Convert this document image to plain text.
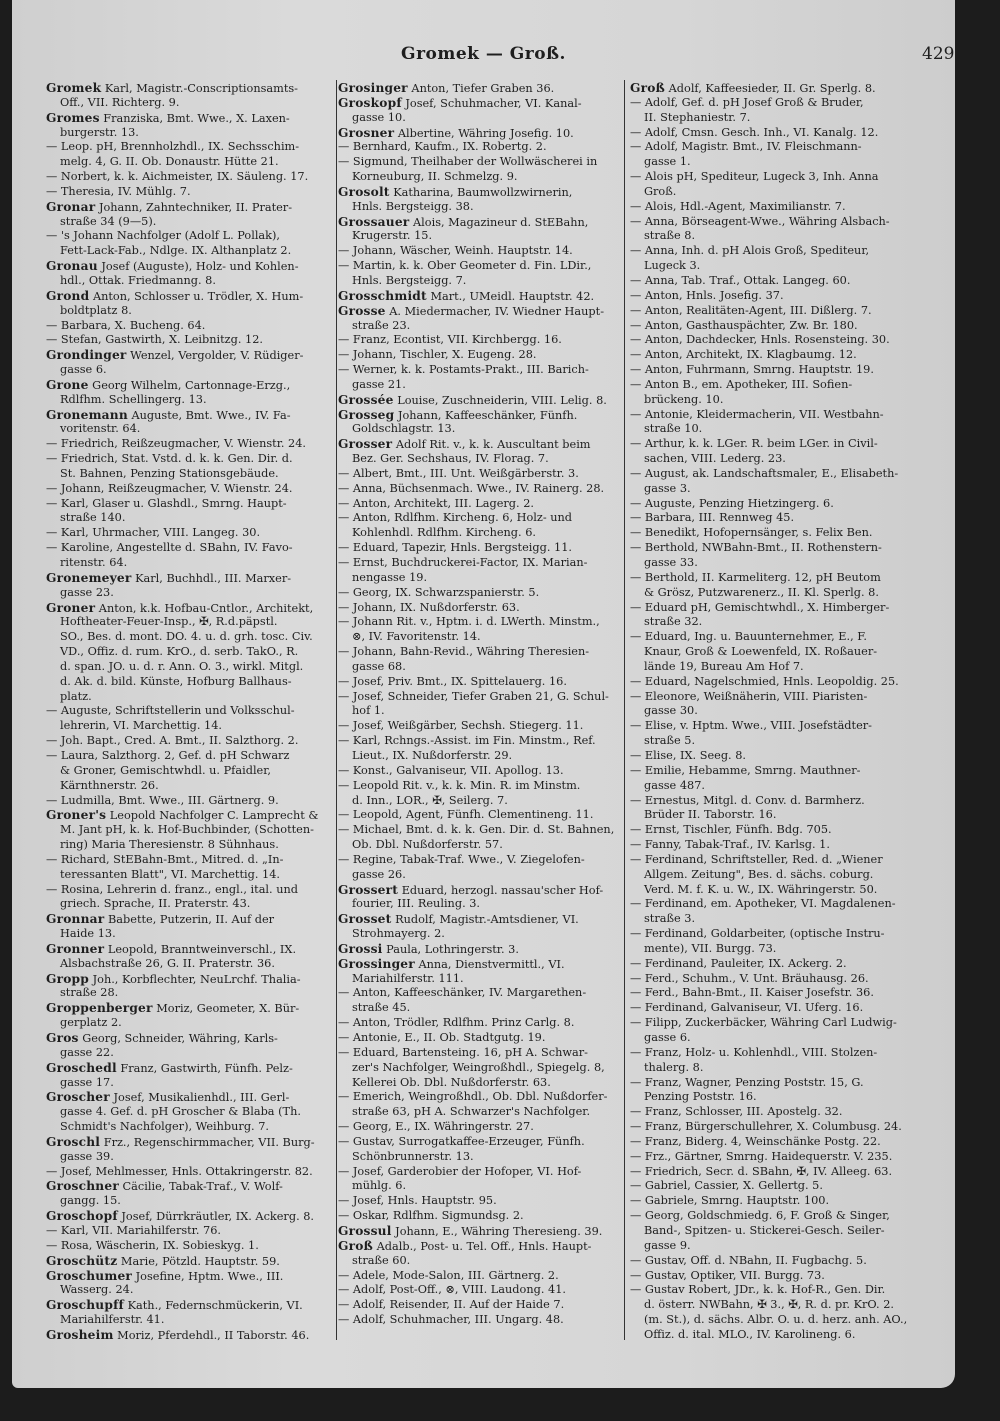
Gromek — Groß.	429
Gromek Karl, Magistr.-Conscriptionsamts-
Off., VII. Richterg. 9.
Gromes Franziska, Bmt. Wwe., X. Laxen-
burgerstr. 13.
— Leop. pH, Brennholzhdl., IX. Sechsschim-
melg. 4, G. II. Ob. Donaustr. Hütte 21.
— Norbert, k. k. Aichmeister, IX. Säuleng. 17.
— Theresia, IV. Mühlg. 7.
Gronar Johann, Zahntechniker, II. Prater-
straße 34 (9—5).
— 's Johann Nachfolger (Adolf L. Pollak),
Fett-Lack-Fab., Ndlge. IX. Althanplatz 2.
Gronau Josef (Auguste), Holz- und Kohlen-
hdl., Ottak. Friedmanng. 8.
Grond Anton, Schlosser u. Trödler, X. Hum-
boldtplatz 8.
— Barbara, X. Bucheng. 64.
— Stefan, Gastwirth, X. Leibnitzg. 12.
Grondinger Wenzel, Vergolder, V. Rüdiger-
gasse 6.
Grone Georg Wilhelm, Cartonnage-Erzg.,
Rdlfhm. Schellingerg. 13.
Gronemann Auguste, Bmt. Wwe., IV. Fa-
voritenstr. 64.
— Friedrich, Reißzeugmacher, V. Wienstr. 24.
— Friedrich, Stat. Vstd. d. k. k. Gen. Dir. d.
St. Bahnen, Penzing Stationsgebäude.
— Johann, Reißzeugmacher, V. Wienstr. 24.
— Karl, Glaser u. Glashdl., Smrng. Haupt-
straße 140.
— Karl, Uhrmacher, VIII. Langeg. 30.
— Karoline, Angestellte d. SBahn, IV. Favo-
ritenstr. 64.
Gronemeyer Karl, Buchhdl., III. Marxer-
gasse 23.
Groner Anton, k.k. Hofbau-Cntlor., Architekt,
Hoftheater-Feuer-Insp., ✠, R.d.päpstl.
SO., Bes. d. mont. DO. 4. u. d. grh. tosc. Civ.
VD., Offiz. d. rum. KrO., d. serb. TakO., R.
d. span. JO. u. d. r. Ann. O. 3., wirkl. Mitgl.
d. Ak. d. bild. Künste, Hofburg Ballhaus-
platz.
— Auguste, Schriftstellerin und Volksschul-
lehrerin, VI. Marchettig. 14.
— Joh. Bapt., Cred. A. Bmt., II. Salzthorg. 2.
— Laura, Salzthorg. 2, Gef. d. pH Schwarz
& Groner, Gemischtwhdl. u. Pfaidler,
Kärnthnerstr. 26.
— Ludmilla, Bmt. Wwe., III. Gärtnerg. 9.
Groner's Leopold Nachfolger C. Lamprecht &
M. Jant pH, k. k. Hof-Buchbinder, (Schotten-
ring) Maria Theresienstr. 8 Sühnhaus.
— Richard, StEBahn-Bmt., Mitred. d. „In-
teressanten Blatt", VI. Marchettig. 14.
— Rosina, Lehrerin d. franz., engl., ital. und
griech. Sprache, II. Praterstr. 43.
Gronnar Babette, Putzerin, II. Auf der
Haide 13.
Gronner Leopold, Branntweinverschl., IX.
Alsbachstraße 26, G. II. Praterstr. 36.
Gropp Joh., Korbflechter, NeuLrchf. Thalia-
straße 28.
Groppenberger Moriz, Geometer, X. Bür-
gerplatz 2.
Gros Georg, Schneider, Währing, Karls-
gasse 22.
Groschedl Franz, Gastwirth, Fünfh. Pelz-
gasse 17.
Groscher Josef, Musikalienhdl., III. Gerl-
gasse 4. Gef. d. pH Groscher & Blaba (Th.
Schmidt's Nachfolger), Weihburg. 7.
Groschl Frz., Regenschirmmacher, VII. Burg-
gasse 39.
— Josef, Mehlmesser, Hnls. Ottakringerstr. 82.
Groschner Cäcilie, Tabak-Traf., V. Wolf-
gangg. 15.
Groschopf Josef, Dürrkräutler, IX. Ackerg. 8.
— Karl, VII. Mariahilferstr. 76.
— Rosa, Wäscherin, IX. Sobieskyg. 1.
Groschütz Marie, Pötzld. Hauptstr. 59.
Groschumer Josefine, Hptm. Wwe., III.
Wasserg. 24.
Groschupff Kath., Federnschmückerin, VI.
Mariahilferstr. 41.
Grosheim Moriz, Pferdehdl., II Taborstr. 46.
Grosinger Anton, Tiefer Graben 36.
Groskopf Josef, Schuhmacher, VI. Kanal-
gasse 10.
Grosner Albertine, Währing Josefig. 10.
— Bernhard, Kaufm., IX. Robertg. 2.
— Sigmund, Theilhaber der Wollwäscherei in
Korneuburg, II. Schmelzg. 9.
Grosolt Katharina, Baumwollzwirnerin,
Hnls. Bergsteigg. 38.
Grossauer Alois, Magazineur d. StEBahn,
Krugerstr. 15.
— Johann, Wäscher, Weinh. Hauptstr. 14.
— Martin, k. k. Ober Geometer d. Fin. LDir.,
Hnls. Bergsteigg. 7.
Grosschmidt Mart., UMeidl. Hauptstr. 42.
Grosse A. Miedermacher, IV. Wiedner Haupt-
straße 23.
— Franz, Econtist, VII. Kirchbergg. 16.
— Johann, Tischler, X. Eugeng. 28.
— Werner, k. k. Postamts-Prakt., III. Barich-
gasse 21.
Grossée Louise, Zuschneiderin, VIII. Lelig. 8.
Grosseg Johann, Kaffeeschänker, Fünfh.
Goldschlagstr. 13.
Grosser Adolf Rit. v., k. k. Auscultant beim
Bez. Ger. Sechshaus, IV. Florag. 7.
— Albert, Bmt., III. Unt. Weißgärberstr. 3.
— Anna, Büchsenmach. Wwe., IV. Rainerg. 28.
— Anton, Architekt, III. Lagerg. 2.
— Anton, Rdlfhm. Kircheng. 6, Holz- und
Kohlenhdl. Rdlfhm. Kircheng. 6.
— Eduard, Tapezir, Hnls. Bergsteigg. 11.
— Ernst, Buchdruckerei-Factor, IX. Marian-
nengasse 19.
— Georg, IX. Schwarzspanierstr. 5.
— Johann, IX. Nußdorferstr. 63.
— Johann Rit. v., Hptm. i. d. LWerth. Minstm.,
⊗, IV. Favoritenstr. 14.
— Johann, Bahn-Revid., Währing Theresien-
gasse 68.
— Josef, Priv. Bmt., IX. Spittelauerg. 16.
— Josef, Schneider, Tiefer Graben 21, G. Schul-
hof 1.
— Josef, Weißgärber, Sechsh. Stiegerg. 11.
— Karl, Rchngs.-Assist. im Fin. Minstm., Ref.
Lieut., IX. Nußdorferstr. 29.
— Konst., Galvaniseur, VII. Apollog. 13.
— Leopold Rit. v., k. k. Min. R. im Minstm.
d. Inn., LOR., ✠, Seilerg. 7.
— Leopold, Agent, Fünfh. Clementineng. 11.
— Michael, Bmt. d. k. k. Gen. Dir. d. St. Bahnen,
Ob. Dbl. Nußdorferstr. 57.
— Regine, Tabak-Traf. Wwe., V. Ziegelofen-
gasse 26.
Grossert Eduard, herzogl. nassau'scher Hof-
fourier, III. Reuling. 3.
Grosset Rudolf, Magistr.-Amtsdiener, VI.
Strohmayerg. 2.
Grossi Paula, Lothringerstr. 3.
Grossinger Anna, Dienstvermittl., VI.
Mariahilferstr. 111.
— Anton, Kaffeeschänker, IV. Margarethen-
straße 45.
— Anton, Trödler, Rdlfhm. Prinz Carlg. 8.
— Antonie, E., II. Ob. Stadtgutg. 19.
— Eduard, Bartensteing. 16, pH A. Schwar-
zer's Nachfolger, Weingroßhdl., Spiegelg. 8,
Kellerei Ob. Dbl. Nußdorferstr. 63.
— Emerich, Weingroßhdl., Ob. Dbl. Nußdorfer-
straße 63, pH A. Schwarzer's Nachfolger.
— Georg, E., IX. Währingerstr. 27.
— Gustav, Surrogatkaffee-Erzeuger, Fünfh.
Schönbrunnerstr. 13.
— Josef, Garderobier der Hofoper, VI. Hof-
mühlg. 6.
— Josef, Hnls. Hauptstr. 95.
— Oskar, Rdlfhm. Sigmundsg. 2.
Grossul Johann, E., Währing Theresieng. 39.
Groß Adalb., Post- u. Tel. Off., Hnls. Haupt-
straße 60.
— Adele, Mode-Salon, III. Gärtnerg. 2.
— Adolf, Post-Off., ⊗, VIII. Laudong. 41.
— Adolf, Reisender, II. Auf der Haide 7.
— Adolf, Schuhmacher, III. Ungarg. 48.
Groß Adolf, Kaffeesieder, II. Gr. Sperlg. 8.
— Adolf, Gef. d. pH Josef Groß & Bruder,
II. Stephaniestr. 7.
— Adolf, Cmsn. Gesch. Inh., VI. Kanalg. 12.
— Adolf, Magistr. Bmt., IV. Fleischmann-
gasse 1.
— Alois pH, Spediteur, Lugeck 3, Inh. Anna
Groß.
— Alois, Hdl.-Agent, Maximilianstr. 7.
— Anna, Börseagent-Wwe., Währing Alsbach-
straße 8.
— Anna, Inh. d. pH Alois Groß, Spediteur,
Lugeck 3.
— Anna, Tab. Traf., Ottak. Langeg. 60.
— Anton, Hnls. Josefig. 37.
— Anton, Realitäten-Agent, III. Dißlerg. 7.
— Anton, Gasthauspächter, Zw. Br. 180.
— Anton, Dachdecker, Hnls. Rosensteing. 30.
— Anton, Architekt, IX. Klagbaumg. 12.
— Anton, Fuhrmann, Smrng. Hauptstr. 19.
— Anton B., em. Apotheker, III. Sofien-
brückeng. 10.
— Antonie, Kleidermacherin, VII. Westbahn-
straße 10.
— Arthur, k. k. LGer. R. beim LGer. in Civil-
sachen, VIII. Lederg. 23.
— August, ak. Landschaftsmaler, E., Elisabeth-
gasse 3.
— Auguste, Penzing Hietzingerg. 6.
— Barbara, III. Rennweg 45.
— Benedikt, Hofopernsänger, s. Felix Ben.
— Berthold, NWBahn-Bmt., II. Rothenstern-
gasse 33.
— Berthold, II. Karmeliterg. 12, pH Beutom
& Grösz, Putzwarenerz., II. Kl. Sperlg. 8.
— Eduard pH, Gemischtwhdl., X. Himberger-
straße 32.
— Eduard, Ing. u. Bauunternehmer, E., F.
Knaur, Groß & Loewenfeld, IX. Roßauer-
lände 19, Bureau Am Hof 7.
— Eduard, Nagelschmied, Hnls. Leopoldig. 25.
— Eleonore, Weißnäherin, VIII. Piaristen-
gasse 30.
— Elise, v. Hptm. Wwe., VIII. Josefstädter-
straße 5.
— Elise, IX. Seeg. 8.
— Emilie, Hebamme, Smrng. Mauthner-
gasse 487.
— Ernestus, Mitgl. d. Conv. d. Barmherz.
Brüder II. Taborstr. 16.
— Ernst, Tischler, Fünfh. Bdg. 705.
— Fanny, Tabak-Traf., IV. Karlsg. 1.
— Ferdinand, Schriftsteller, Red. d. „Wiener
Allgem. Zeitung", Bes. d. sächs. coburg.
Verd. M. f. K. u. W., IX. Währingerstr. 50.
— Ferdinand, em. Apotheker, VI. Magdalenen-
straße 3.
— Ferdinand, Goldarbeiter, (optische Instru-
mente), VII. Burgg. 73.
— Ferdinand, Pauleiter, IX. Ackerg. 2.
— Ferd., Schuhm., V. Unt. Bräuhausg. 26.
— Ferd., Bahn-Bmt., II. Kaiser Josefstr. 36.
— Ferdinand, Galvaniseur, VI. Uferg. 16.
— Filipp, Zuckerbäcker, Währing Carl Ludwig-
gasse 6.
— Franz, Holz- u. Kohlenhdl., VIII. Stolzen-
thalerg. 8.
— Franz, Wagner, Penzing Poststr. 15, G.
Penzing Poststr. 16.
— Franz, Schlosser, III. Apostelg. 32.
— Franz, Bürgerschullehrer, X. Columbusg. 24.
— Franz, Biderg. 4, Weinschänke Postg. 22.
— Frz., Gärtner, Smrng. Haidequerstr. V. 235.
— Friedrich, Secr. d. SBahn, ✠, IV. Alleeg. 63.
— Gabriel, Cassier, X. Gellertg. 5.
— Gabriele, Smrng. Hauptstr. 100.
— Georg, Goldschmiedg. 6, F. Groß & Singer,
Band-, Spitzen- u. Stickerei-Gesch. Seiler-
gasse 9.
— Gustav, Off. d. NBahn, II. Fugbachg. 5.
— Gustav, Optiker, VII. Burgg. 73.
— Gustav Robert, JDr., k. k. Hof-R., Gen. Dir.
d. österr. NWBahn, ✠ 3., ✠, R. d. pr. KrO. 2.
(m. St.), d. sächs. Albr. O. u. d. herz. anh. AO.,
Offiz. d. ital. MLO., IV. Karolineng. 6.
